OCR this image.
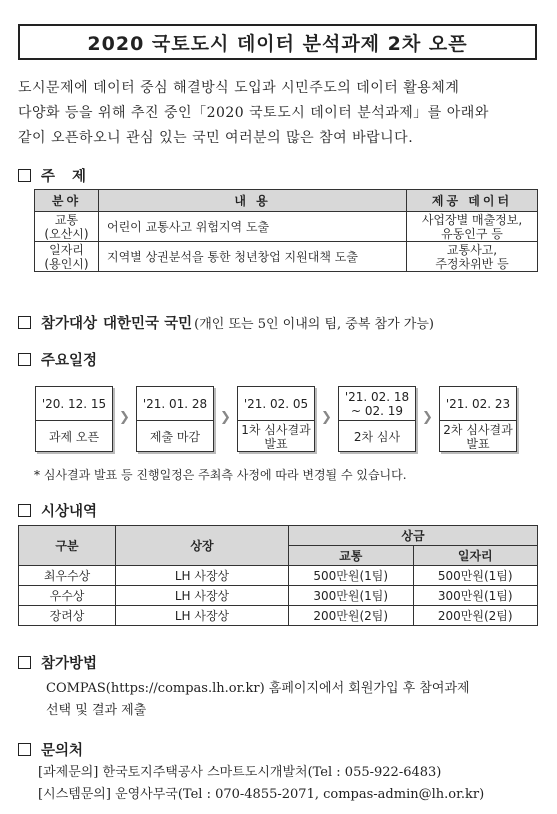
2020 국토도시 데이터 분석과제 2차 오픈
도시문제에 데이터 중심 해결방식 도입과 시민주도의 데이터 활용체계
다양화 등을 위해 추진 중인「2020 국토도시 데이터 분석과제」를 아래와
같이 오픈하오니 관심 있는 국민 여러분의 많은 참여 바랍니다.
주 제
분야	내 용	제공 데이터
교통
(오산시)	어린이 교통사고 위험지역 도출	사업장별 매출정보,
유동인구 등
일자리
(용인시)	지역별 상권분석을 통한 청년창업 지원대책 도출	교통사고,
주정차위반 등
참가대상 대한민국 국민 (개인 또는 5인 이내의 팀, 중복 참가 가능)
주요일정
'20. 12. 15
과제 오픈
❯
'21. 01. 28
제출 마감
❯
'21. 02. 05
1차 심사결과 발표
❯
'21. 02. 18 ~ 02. 19
2차 심사
❯
'21. 02. 23
2차 심사결과 발표
* 심사결과 발표 등 진행일정은 주최측 사정에 따라 변경될 수 있습니다.
시상내역
구분	상장	상금	
		교통	일자리
최우수상	LH 사장상	500만원(1팀)	500만원(1팀)
우수상	LH 사장상	300만원(1팀)	300만원(1팀)
장려상	LH 사장상	200만원(2팀)	200만원(2팀)
참가방법
COMPAS(https://compas.lh.or.kr) 홈페이지에서 회원가입 후 참여과제
선택 및 결과 제출
문의처
[과제문의] 한국토지주택공사 스마트도시개발처(Tel : 055-922-6483)
[시스템문의] 운영사무국(Tel : 070-4855-2071, compas-admin@lh.or.kr)
